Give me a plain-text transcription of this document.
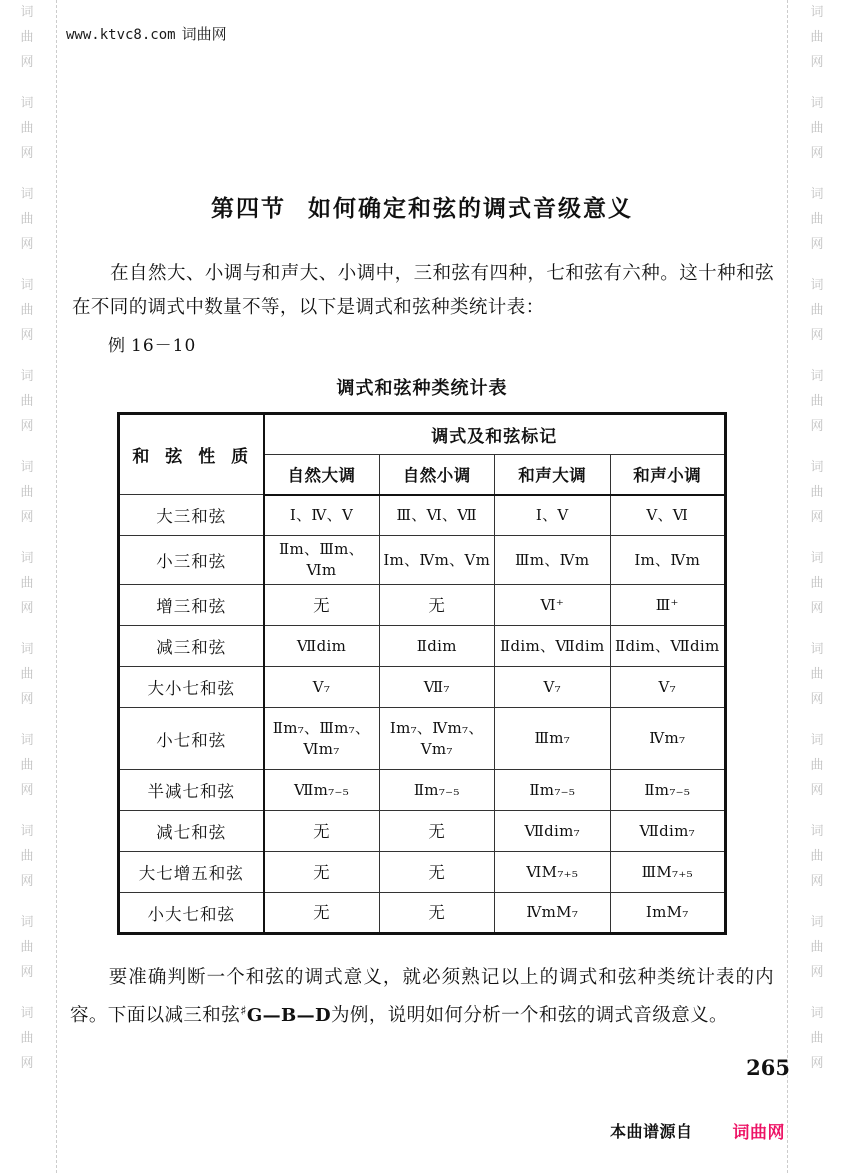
词
曲
网
词
曲
网
词
曲
网
词
曲
网
词
曲
网
词
曲
网
词
曲
网
词
曲
网
词
曲
网
词
曲
网
词
曲
网
词
曲
网
词
曲
网
词
曲
网
词
曲
网
词
曲
网
词
曲
网
词
曲
网
词
曲
网
词
曲
网
词
曲
网
词
曲
网
词
曲
网
词
曲
网
www.ktvc8.com 词曲网
第四节 如何确定和弦的调式音级意义

在自然大、小调与和声大、小调中，三和弦有四种，七和弦有六种。这十种和弦在不同的调式中数量不等，以下是调式和弦种类统计表：

例 16－10
调式和弦种类统计表
和 弦 性 质	调式及和弦标记			
	自然大调	自然小调	和声大调	和声小调
大三和弦	Ⅰ、Ⅳ、Ⅴ	Ⅲ、Ⅵ、Ⅶ	Ⅰ、Ⅴ	Ⅴ、Ⅵ
小三和弦	Ⅱm、Ⅲm、Ⅵm	Ⅰm、Ⅳm、Ⅴm	Ⅲm、Ⅳm	Ⅰm、Ⅳm
增三和弦	无	无	Ⅵ⁺	Ⅲ⁺
减三和弦	Ⅶdim	Ⅱdim	Ⅱdim、Ⅶdim	Ⅱdim、Ⅶdim
大小七和弦	Ⅴ₇	Ⅶ₇	Ⅴ₇	Ⅴ₇
小七和弦	Ⅱm₇、Ⅲm₇、Ⅵm₇	Ⅰm₇、Ⅳm₇、Ⅴm₇	Ⅲm₇	Ⅳm₇
半减七和弦	Ⅶm₇₋₅	Ⅱm₇₋₅	Ⅱm₇₋₅	Ⅱm₇₋₅
减七和弦	无	无	Ⅶdim₇	Ⅶdim₇
大七增五和弦	无	无	ⅥM₇₊₅	ⅢM₇₊₅
小大七和弦	无	无	ⅣmM₇	ⅠmM₇

要准确判断一个和弦的调式意义，就必须熟记以上的调式和弦种类统计表的内容。下面以减三和弦♯G—B—D为例，说明如何分析一个和弦的调式音级意义。

265
本曲谱源自 词曲网
